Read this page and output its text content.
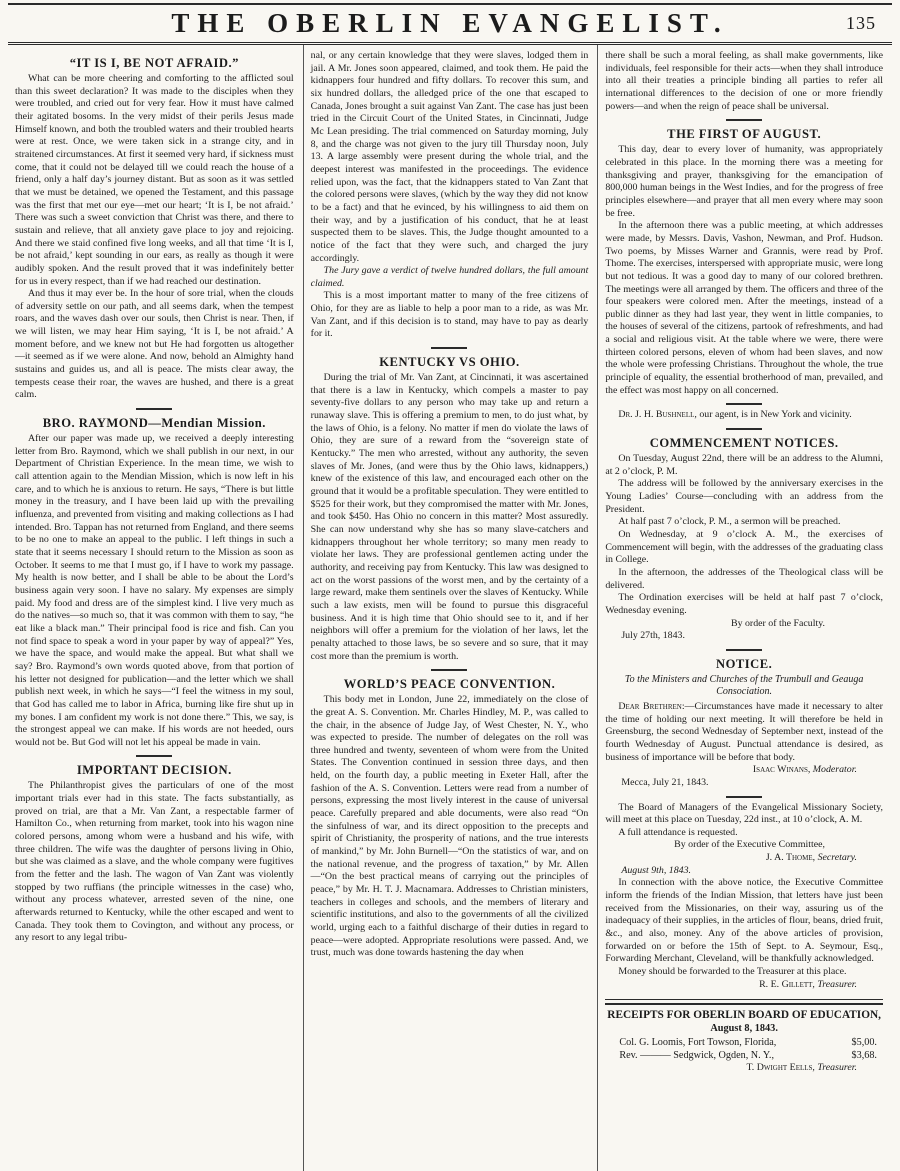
THE OBERLIN EVANGELIST.	135
“IT IS I, BE NOT AFRAID.”

What can be more cheering and comforting to the afflicted soul than this sweet declaration? It was made to the disciples when they were troubled, and cried out for very fear. How it must have calmed their agitated bosoms. In the very midst of their perils Jesus made Himself known, and both the troubled waters and their troubled hearts were at rest. Once, we were taken sick in a strange city, and in straitened circumstances. At first it seemed very hard, if sickness must come, that it could not be delayed till we could reach the house of a friend, only a half day’s journey distant. But as soon as it was settled that we must be detained, we opened the Testament, and this passage was the first that met our eye—met our heart; ‘It is I, be not afraid.’ There was such a sweet conviction that Christ was there, and there to sustain and relieve, that all anxiety gave place to joy and rejoicing. And there we staid confined five long weeks, and all that time ‘It is I, be not afraid,’ kept sounding in our ears, as really as though it were audibly spoken. And the result proved that it was indefinitely better for us in every respect, than if we had reached our destination.

And thus it may ever be. In the hour of sore trial, when the clouds of adversity settle on our path, and all seems dark, when the tempest roars, and the waves dash over our souls, then Christ is near. Then, if we will listen, we may hear Him saying, ‘It is I, be not afraid.’ A moment before, and we knew not but He had forgotten us altogether—it seemed as if we were alone. And now, behold an Almighty hand sustains and guides us, and all is peace. The mists clear away, the tempests cease their roar, the waves are hushed, and there is a great calm.

BRO. RAYMOND—Mendian Mission.

After our paper was made up, we received a deeply interesting letter from Bro. Raymond, which we shall publish in our next, in our Department of Christian Experience. In the mean time, we wish to call attention again to the Mendian Mission, which is now left in his care, and to which he is anxious to return. He says, “There is but little money in the treasury, and I have been laid up with the prevailing influenza, and prevented from visiting and making collections as I had intended. Bro. Tappan has not returned from England, and there seems to be no one to make an appeal to the public. I left things in such a state that it seems necessary I should return to the Mission as soon as October. It seems to me that I must go, if I have to work my passage. My health is now better, and I shall be able to be about the Lord’s business again very soon. I have no salary. My expenses are simply paid. My food and dress are of the simplest kind. I live very much as do the natives—so much so, that it was common with them to say, “he eat like a black man.” Their principal food is rice and fish. Can you not find space to speak a word in your paper by way of appeal?” Yes, we have the space, and would make the appeal. But what shall we say? Bro. Raymond’s own words quoted above, from that portion of his letter not designed for publication—and the letter which we shall publish next week, in which he says—“I feel the witness in my soul, that God has called me to labor in Africa, burning like fire shut up in my bones. I am confident my work is not done there.” This, we say, is the strongest appeal we can make. If his words are not heeded, ours would not be. But God will not let his appeal be made in vain.

IMPORTANT DECISION.

The Philanthropist gives the particulars of one of the most important trials ever had in this state. The facts substantially, as proved on trial, are that a Mr. Van Zant, a respectable farmer of Hamilton Co., when returning from market, took into his wagon nine colored persons, among whom were a husband and his wife, with three children. The wife was the daughter of persons living in Ohio, but she was claimed as a slave, and the whole company were fugitives from the fetter and the lash. The wagon of Van Zant was violently stopped by two ruffians (the principle witnesses in the case) who, without any process whatever, arrested seven of the nine, one afterwards returned to Kentucky, while the other escaped and went to Canada. They took them to Covington, and without any process, or any resort to any legal tribu-

nal, or any certain knowledge that they were slaves, lodged them in jail. A Mr. Jones soon appeared, claimed, and took them. He paid the kidnappers four hundred and fifty dollars. To recover this sum, and six hundred dollars, the alledged price of the one that escaped to Canada, Jones brought a suit against Van Zant. The case has just been tried in the Circuit Court of the United States, in Cincinnati, Judge Mc Lean presiding. The trial commenced on Saturday morning, July 8, and the charge was not given to the jury till Thursday noon, July 13. A large assembly were present during the whole trial, and the deepest interest was manifested in the proceedings. The evidence relied upon, was the fact, that the kidnappers stated to Van Zant that the colored persons were slaves, (which by the way they did not know to be a fact) and that he evinced, by his willingness to aid them on their way, and by a justification of his conduct, that he at least suspected them to be slaves. This, the Judge thought amounted to a notice of the fact that they were such, and charged the jury accordingly.

The Jury gave a verdict of twelve hundred dollars, the full amount claimed.

This is a most important matter to many of the free citizens of Ohio, for they are as liable to help a poor man to a ride, as was Mr. Van Zant, and if this decision is to stand, may have to pay as dearly for it.

KENTUCKY VS OHIO.

During the trial of Mr. Van Zant, at Cincinnati, it was ascertained that there is a law in Kentucky, which compels a master to pay seventy-five dollars to any person who may take up and return a runaway slave. This is offering a premium to men, to do just what, by the laws of Ohio, is a felony. No matter if men do violate the laws of Ohio, they are sure of a reward from the “sovereign state of Kentucky.” The men who arrested, without any authority, the seven slaves of Mr. Jones, (and were thus by the Ohio laws, kidnappers,) knew of the existence of this law, and encouraged each other on the ground that it would be a profitable speculation. They were entitled to $525 for their work, but they compromised the matter with Mr. Jones, and took $450. Has Ohio no concern in this matter? Most assuredly. She can now understand why she has so many slave-catchers and kidnappers throughout her whole territory; so many men ready to violate her laws. They are professional gentlemen acting under the authority, and receiving pay from Kentucky. This law was designed to act on the worst passions of the worst men, and by the certainty of a large reward, make them sentinels over the slaves of Kentucky. While such a law exists, men will be found to pursue this disgraceful business. And it is high time that Ohio should see to it, and if her neighbors will offer a premium for the violation of her laws, let the penalty attached to those laws, be so severe and so sure, that it may cost more than the premium is worth.

WORLD’S PEACE CONVENTION.

This body met in London, June 22, immediately on the close of the great A. S. Convention. Mr. Charles Hindley, M. P., was called to the chair, in the absence of Judge Jay, of West Chester, N. Y., who was expected to preside. The number of delegates on the roll was three hundred and twenty, seventeen of whom were from the United States. The Convention continued in session three days, and then held, on the fourth day, a public meeting in Exeter Hall, after the fashion of the A. S. Convention. Letters were read from a number of persons, expressing the most lively interest in the cause of universal peace. Carefully prepared and able documents, were also read “On the sinfulness of war, and its direct opposition to the precepts and spirit of Christianity, the prosperity of nations, and the true interests of mankind,” by Mr. John Burnell—“On the statistics of war, and on the national revenue, and the progress of taxation,” by Mr. Allen—“On the best practical means of carrying out the principles of peace,” by Mr. H. T. J. Macnamara. Addresses to Christian ministers, teachers in colleges and schools, and the members of literary and scientific institutions, and also to the governments of all the civilized world, urging each to a faithful discharge of their duties in regard to peace—were adopted. Appropriate resolutions were passed. And, we trust, much was done towards hastening the day when

there shall be such a moral feeling, as shall make governments, like individuals, feel responsible for their acts—when they shall introduce into all their treaties a principle binding all parties to refer all international differences to the decision of one or more friendly powers—and when the reign of peace shall be universal.

THE FIRST OF AUGUST.

This day, dear to every lover of humanity, was appropriately celebrated in this place. In the morning there was a meeting for thanksgiving and prayer, thanksgiving for the emancipation of 800,000 human beings in the West Indies, and for the progress of free principles elsewhere—and prayer that all men every where may soon be free.

In the afternoon there was a public meeting, at which addresses were made, by Messrs. Davis, Vashon, Newman, and Prof. Hudson. Two poems, by Misses Warner and Grannis, were read by Prof. Thome. The exercises, interspersed with appropriate music, were long but not tedious. It was a good day to many of our colored brethren. The meetings were all arranged by them. The officers and three of the four speakers were colored men. After the meetings, instead of a public dinner as they had last year, they went in little companies, to the houses of several of the citizens, partook of refreshments, and had a social and religious visit. At the table where we were, there were thirteen colored persons, eleven of whom had been slaves, and now the whole were professing Christians. Throughout the whole, the true principle of equality, the essential brotherhood of man, prevailed, and the effect was most happy on all concerned.

Dr. J. H. Bushnell, our agent, is in New York and vicinity.

COMMENCEMENT NOTICES.

On Tuesday, August 22nd, there will be an address to the Alumni, at 2 o’clock, P. M.

The address will be followed by the anniversary exercises in the Young Ladies’ Course—concluding with an address from the President.

At half past 7 o’clock, P. M., a sermon will be preached.

On Wednesday, at 9 o’clock A. M., the exercises of Commencement will begin, with the addresses of the graduating class in College.

In the afternoon, the addresses of the Theological class will be delivered.

The Ordination exercises will be held at half past 7 o’clock, Wednesday evening.

By order of the Faculty.

July 27th, 1843.

NOTICE.
To the Ministers and Churches of the Trumbull and Geauga Consociation.

Dear Brethren:—Circumstances have made it necessary to alter the time of holding our next meeting. It will therefore be held in Greensburg, the second Wednesday of September next, instead of the fourth Wednesday of August. Punctual attendance is desired, as business of importance will be before that body.

Isaac Winans, Moderator.

Mecca, July 21, 1843.

The Board of Managers of the Evangelical Missionary Society, will meet at this place on Tuesday, 22d inst., at 10 o’clock, A. M.

A full attendance is requested.

By order of the Executive Committee,

J. A. Thome, Secretary.

August 9th, 1843.

In connection with the above notice, the Executive Committee inform the friends of the Indian Mission, that letters have just been received from the Missionaries, on their way, assuring us of the inadequacy of their supplies, in the articles of flour, beans, dried fruit, &c., and also, money. Any of the above articles of provision, forwarded on or before the 15th of Sept. to A. Seymour, Esq., Forwarding Merchant, Cleveland, will be thankfully acknowledged.

Money should be forwarded to the Treasurer at this place.

R. E. Gillett, Treasurer.

RECEIPTS FOR OBERLIN BOARD OF EDUCATION,

August 8, 1843.

Col. G. Loomis, Fort Towson, Florida,	$5,00.
Rev. ——— Sedgwick, Ogden, N. Y.,	$3,68.

T. Dwight Eells, Treasurer.
